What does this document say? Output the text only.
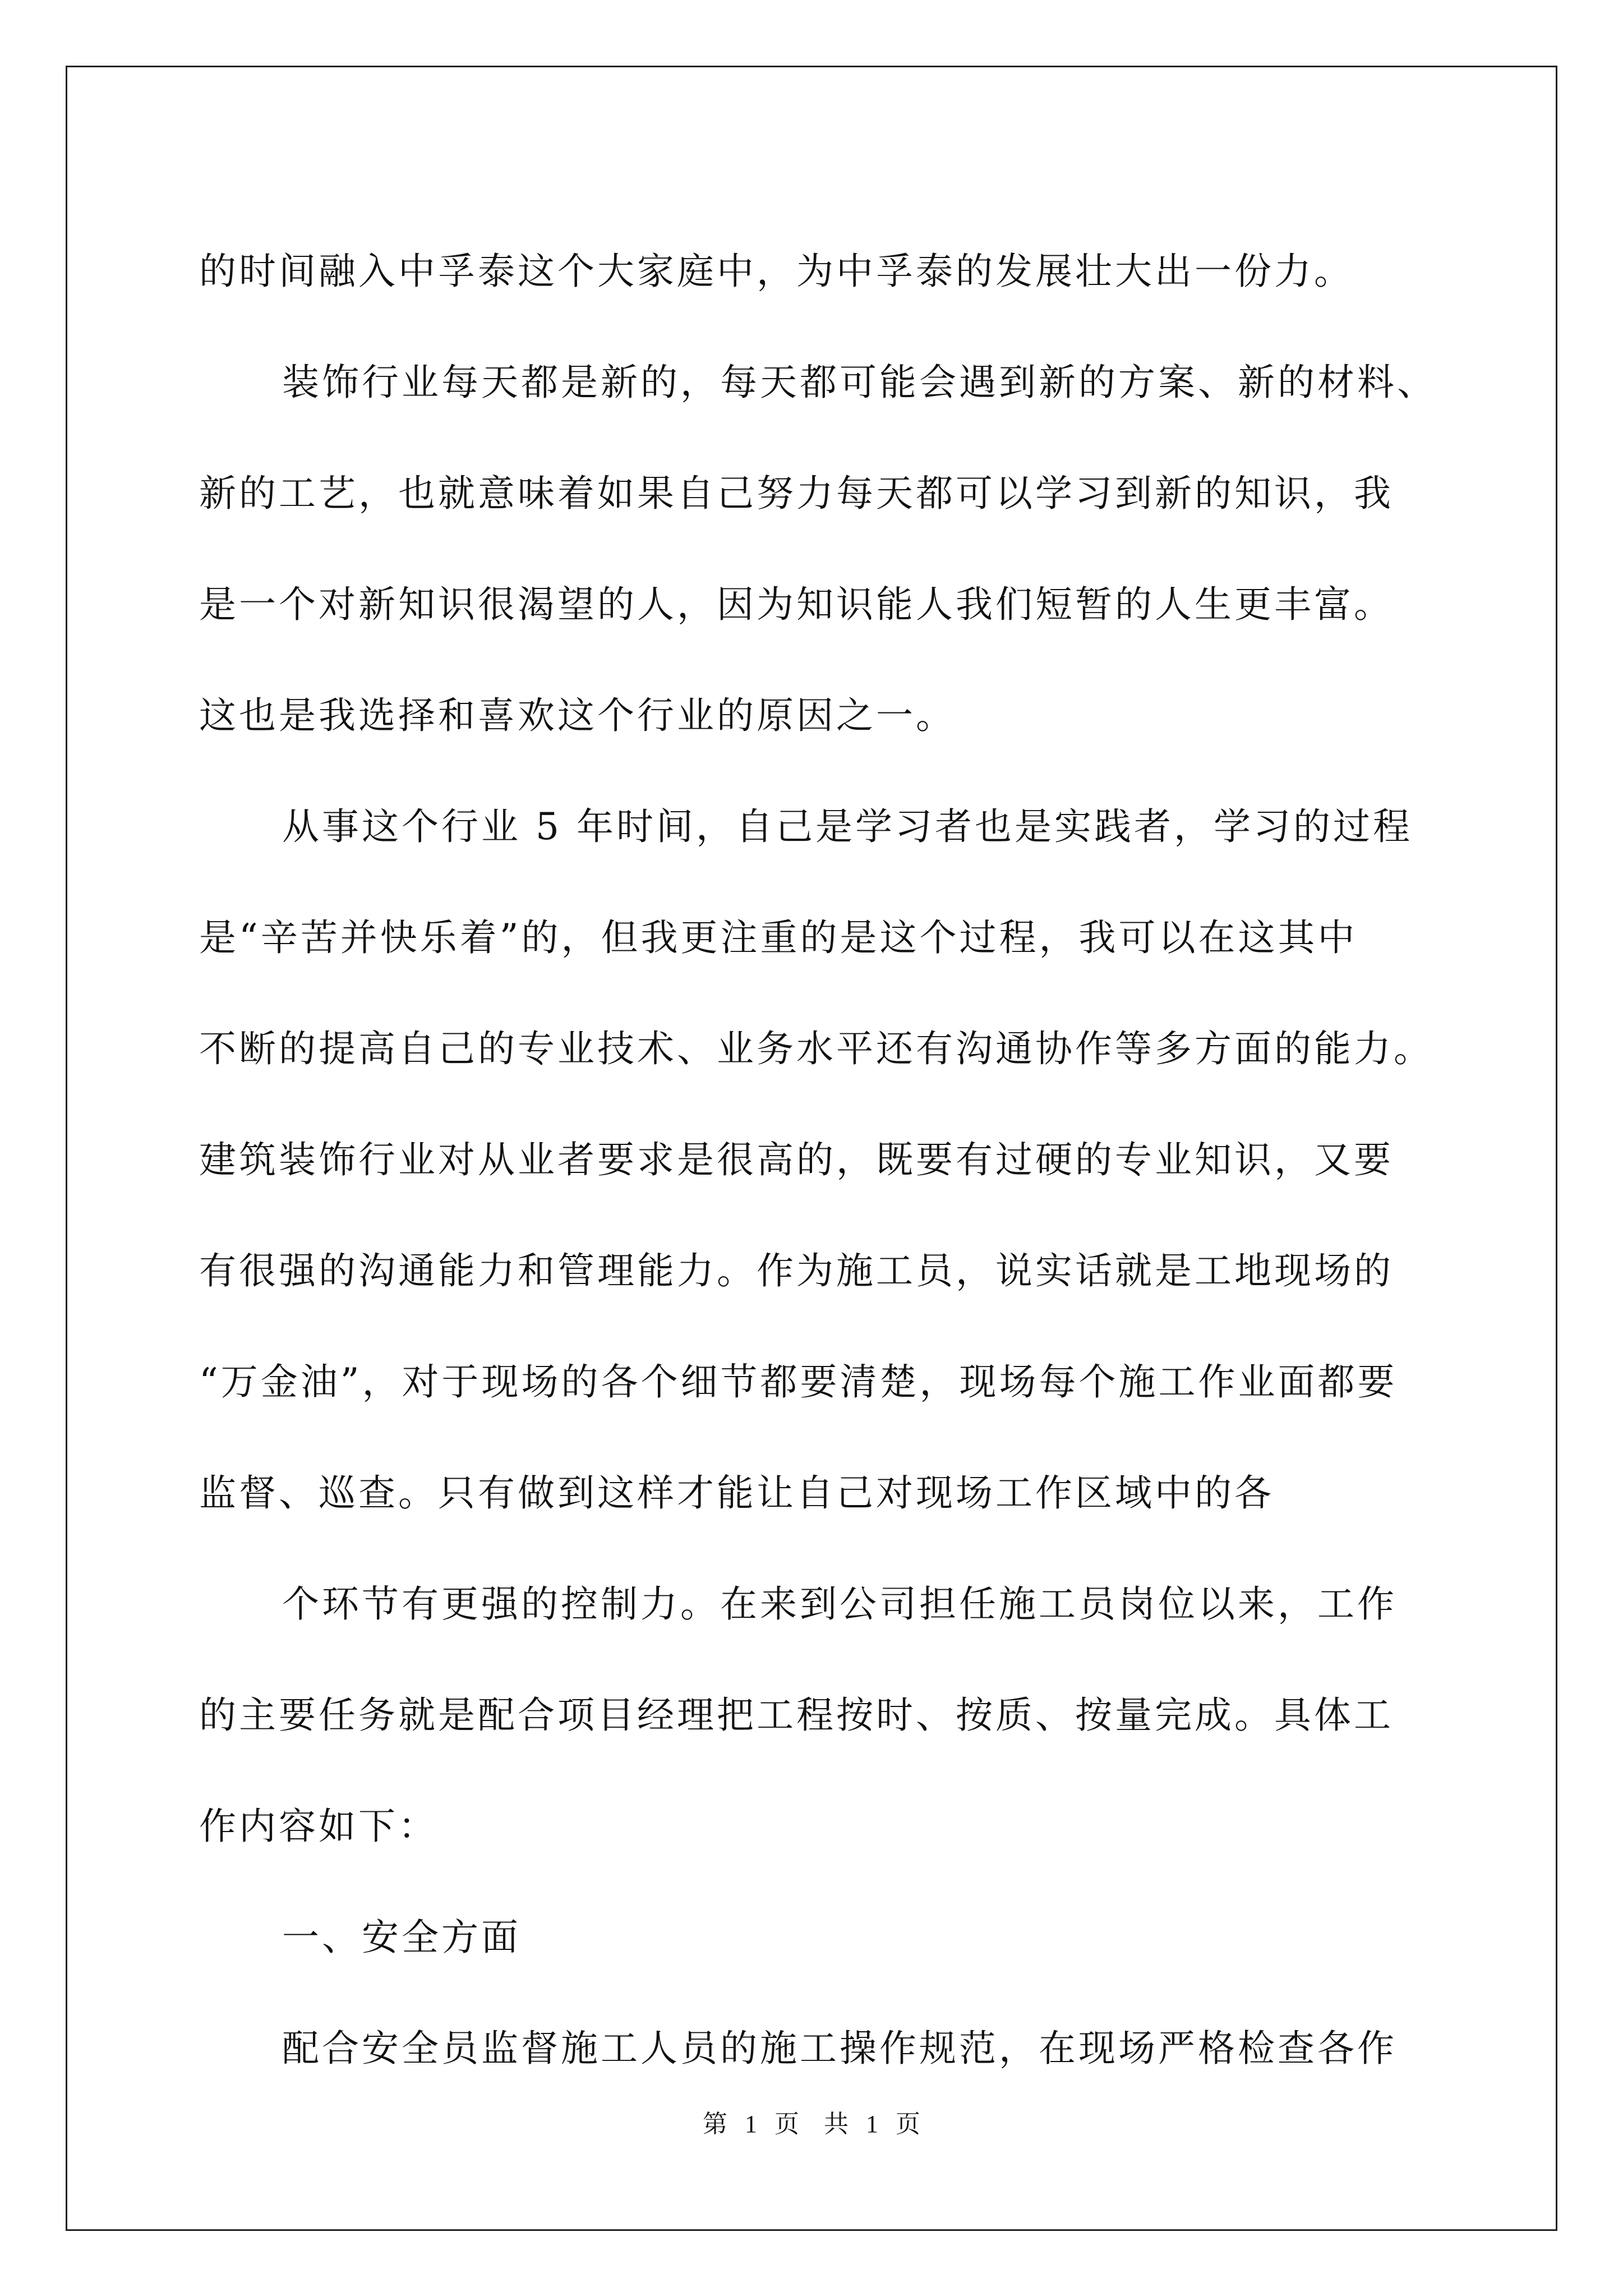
的时间融入中孚泰这个大家庭中，为中孚泰的发展壮大出一份力。
装饰行业每天都是新的，每天都可能会遇到新的方案、新的材料、
新的工艺，也就意味着如果自己努力每天都可以学习到新的知识，我
是一个对新知识很渴望的人，因为知识能人我们短暂的人生更丰富。
这也是我选择和喜欢这个行业的原因之一。
从事这个行业 5 年时间，自己是学习者也是实践者，学习的过程
是“辛苦并快乐着”的，但我更注重的是这个过程，我可以在这其中
不断的提高自己的专业技术、业务水平还有沟通协作等多方面的能力。
建筑装饰行业对从业者要求是很高的，既要有过硬的专业知识，又要
有很强的沟通能力和管理能力。作为施工员，说实话就是工地现场的
“万金油”，对于现场的各个细节都要清楚，现场每个施工作业面都要
监督、巡查。只有做到这样才能让自己对现场工作区域中的各
个环节有更强的控制力。在来到公司担任施工员岗位以来，工作
的主要任务就是配合项目经理把工程按时、按质、按量完成。具体工
作内容如下：
一、安全方面
配合安全员监督施工人员的施工操作规范，在现场严格检查各作
第 1 页　共 1 页
